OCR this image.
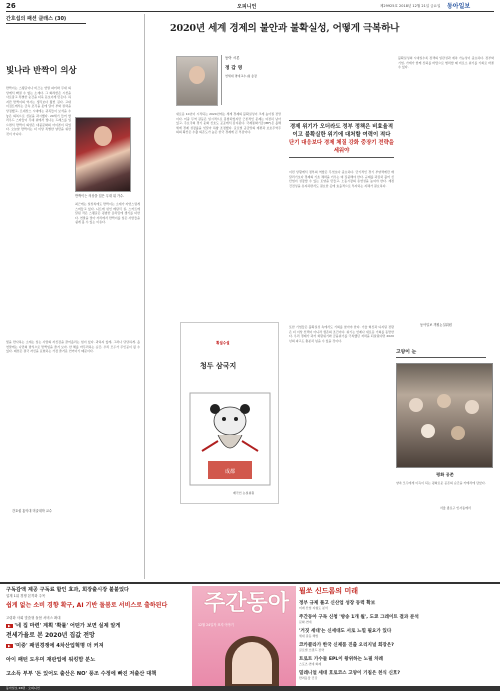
26	오피니언	제29925호 2018년 12월 21일 금요일 동아일보
간호섭의 패션 클래스 (30)
빛나라 반짝이 의상
반짝이는 스팽글이나 비즈는 연말 파티와 무대 의상에서 빠질 수 없는 소재다. 그 화려함은 시선을 사로잡고 특별한 순간을 더욱 돋보이게 만든다. 하지만 반짝이의 역사는 생각보다 훨씬 길다. 고대 이집트에서는 금속 조각을 옷에 달아 부와 권력을 상징했고, 르네상스 시대에는 귀족들이 보석을 수놓은 의복으로 신분을 과시했다. 20세기 들어 할리우드 스타들이 무대 위에서 빛나는 드레스를 입으면서 반짝이 의상은 대중문화의 아이콘이 되었다. 오늘날 반짝이는 더 이상 특별한 날만을 위한 것이 아니다.
반짝이는 의상을 입은 무대 위 가수.
최근에는 일상복에도 반짝이는 소재가 자연스럽게 스며들고 있다. 니트에 섞인 메탈릭 실, 스커트에 달린 작은 스팽글은 평범한 옷차림에 생기를 더한다. 연말을 맞아 거리에서 반짝이를 입은 사람들을 쉽게 볼 수 있는 이유다.
빛을 반사하는 소재는 입는 사람의 자신감을 끌어올리는 힘이 있다. 과하지 않게, 그러나 당당하게. 올 연말에는 나만의 방식으로 반짝임을 즐겨 보자. 한 해를 마무리하는 순간, 우리 모두가 주인공이 될 수 있다. 패션은 결국 자신을 표현하는 가장 즐거운 언어이기 때문이다.
간호섭 홍익대 미술대학 교수
2020년 세계 경제의 불안과 불확실성, 어떻게 극복하나
동아 시론
정 갑 영
연세대 명예교수·前 총장
경제 위기가 오더라도 정부 정책은 비효율적이고 불확실한 위기에 대처할 여력이 적다
단기 대응보다 경제 체질 강화 중장기 전략을 세워야
새로운 10년이 시작되는 2020년에는 세계 경제의 불확실성이 크게 높아질 전망이다. 미중 무역 갈등은 일시적으로 봉합되었지만 근본적인 문제는 여전히 남아 있고, 주요국의 경기 둔화 신호도 곳곳에서 감지된다. 국제통화기금(IMF)은 올해 세계 경제 성장률을 잇달아 하향 조정했다. 글로벌 공급망의 재편과 보호무역주의의 확산은 수출 의존도가 높은 한국 경제에 큰 부담이다.
이런 상황에서 정부의 역할은 무엇보다 중요하다. 단기적인 경기 부양책에만 매달리기보다 경제의 기초 체력을 키우는 데 집중해야 한다. 규제를 과감히 풀어 신산업이 성장할 수 있는 토양을 만들고, 노동시장의 유연성을 높여야 한다. 재정 건전성을 유지하면서도 필요한 곳에 효율적으로 투자하는 지혜가 필요하다.
또한 기업들은 불확실성 속에서도 기회를 찾아야 한다. 기술 혁신과 디지털 전환은 더 이상 선택이 아니라 생존의 조건이다. 위기는 언제나 새로운 기회를 동반한다. 우리 경제가 과거 외환위기와 금융위기를 극복했던 저력을 되살린다면 2020년의 파고도 충분히 넘을 수 있을 것이다.
불확실성의 시대일수록 정책의 일관성과 예측 가능성이 중요하다. 정부와 기업, 가계가 함께 신뢰를 바탕으로 협력할 때 비로소 위기를 기회로 바꿀 수 있다.
동아일보 객원논설위원
횡설수설
청두 삼국지
成都
배극인 논설위원
고양이 눈
평화 공존
양측 모두에게 이득이 되는 평화로운 공존의 순간을 카메라에 담았다.
서울 종로구 인사동에서
구독감액 제공 구독료 할인 효과, 회장출시장 불붙었다
업계 1위 경쟁 본격화 주목
쉽게 없는 소비 경향 확구, AI 기반 돌봄로 서비스로 출하된다
고령화 사회 맞춤형 돌봄 서비스 확대
▶ '네 집 마련' 계획 '확률' 어떤가 보면 실제 알게
전세가율로 본 2020년 집값 전망
▶ '미중' 패권경쟁에 4차산업혁명 더 커져
아이 패턴 도우미 재판업에 워킹맘 분노
고소득 부부 '돈 있어도 출산은 NO' 풍조 수정에 빠진 저출산 대책
주간동아
12월 24일자 표지 이야기
뭘쏘 신드롬의 미래
정부 규제 풀고 신산업 성장 동력 확보
미래 산업 지형도 분석
주간동아 구독 신청 '방송 1개 월', 도쿄 그레이트 결과 분석
문화·연예
'거짓 세대'는 신세대도 서로 느낄 필요가 있다
세대 갈등 해법
코카콜라가 한국 신제품 진출 오리지널 회장은?
글로벌 브랜드 전략
트로트 가수들 EPL이 왕위하는 노필 차례
스포츠·연예 화제
밀레니얼 세대 흐로코스 고양이 기침은 천식 신호?
반려동물 건강
동아일보 26면 · 오피니언
